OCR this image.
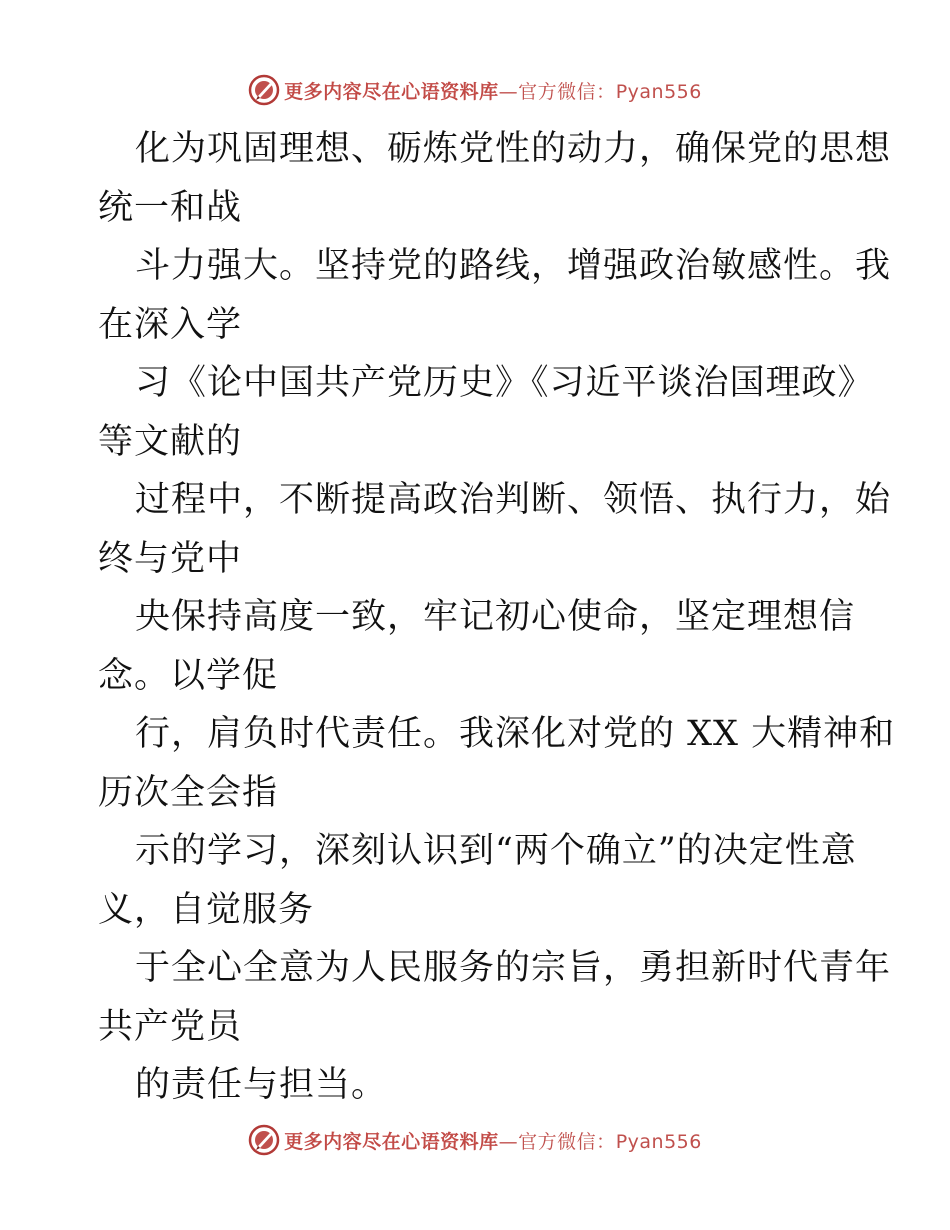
更多内容尽在心语资料库—官方微信：Pyan556
化为巩固理想、砺炼党性的动力，确保党的思想
统一和战
斗力强大。坚持党的路线，增强政治敏感性。我
在深入学
习《论中国共产党历史》《习近平谈治国理政》
等文献的
过程中，不断提高政治判断、领悟、执行力，始
终与党中
央保持高度一致，牢记初心使命，坚定理想信
念。以学促
行，肩负时代责任。我深化对党的 XX 大精神和
历次全会指
示的学习，深刻认识到“两个确立”的决定性意
义，自觉服务
于全心全意为人民服务的宗旨，勇担新时代青年
共产党员
的责任与担当。
更多内容尽在心语资料库—官方微信：Pyan556
